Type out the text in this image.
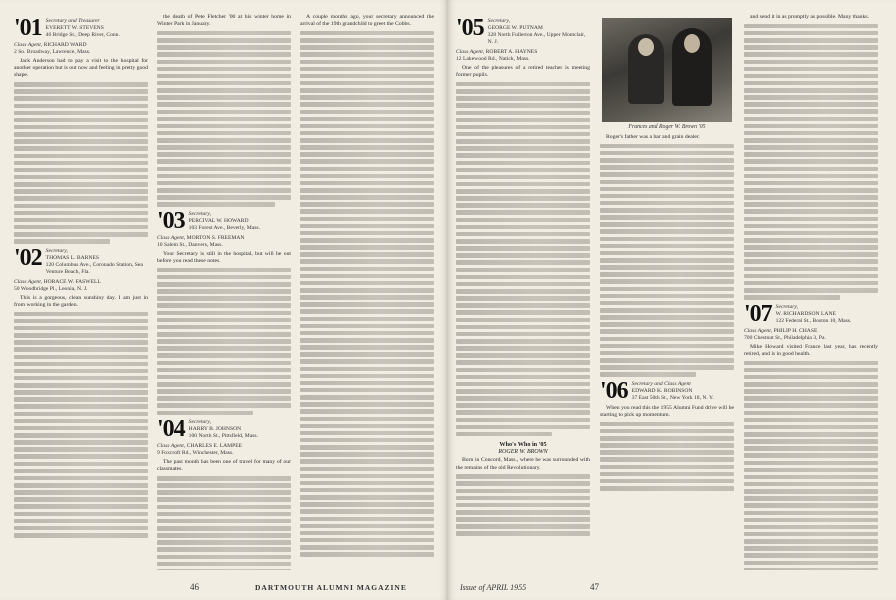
'01 Secretary and Treasurer
EVERETT W. STEVENS
46 Bridge St., Deep River, Conn.
Class Agent, RICHARD WARD
2 So. Broadway, Lawrence, Mass.

Jack Anderson had to pay a visit to the hospital for another operation but is out now and feeling in pretty good shape.

'02 Secretary,
THOMAS L. BARNES
120 Columbus Ave., Coronado Station, Sea Venture Beach, Fla.
Class Agent, HORACE W. FASWELL
50 Woodbridge Pl., Leonia, N. J.

This is a gorgeous, clean sunshiny day. I am just in from working in the garden.

the death of Pete Fletcher '00 at his winter home in Winter Park in January.

'03 Secretary,
PERCIVAL W. HOWARD
103 Forest Ave., Beverly, Mass.
Class Agent, MORTON S. FREEMAN
10 Salem St., Danvers, Mass.

Your Secretary is still in the hospital, but will be out before you read these notes.

'04 Secretary,
HARRY B. JOHNSON
100 North St., Pittsfield, Mass.
Class Agent, CHARLES E. LAMPEE
9 Foxcroft Rd., Winchester, Mass.

The past month has been one of travel for many of our classmates.

A couple months ago, your secretary announced the arrival of the 19th grandchild to greet the Cobbs.

46	DARTMOUTH ALUMNI MAGAZINE
'05 Secretary,
GEORGE W. PUTNAM
328 North Fullerton Ave., Upper Montclair, N. J.
Class Agent, ROBERT A. HAYNES
12 Lakewood Rd., Natick, Mass.

One of the pleasures of a retired teacher is meeting former pupils.

Who's Who in '05
ROGER W. BROWN

Born in Concord, Mass., where he was surrounded with the remains of the old Revolutionary.

Frances and Roger W. Brown '05

Roger's father was a bar and grain dealer.

'06 Secretary and Class Agent
EDWARD K. ROBINSON
37 East 50th St., New York 18, N. Y.

When you read this the 1955 Alumni Fund drive will be starting to pick up momentum.

and send it in as promptly as possible. Many thanks.

'07 Secretary,
W. RICHARDSON LANE
122 Federal St., Boston 10, Mass.
Class Agent, PHILIP H. CHASE
700 Chestnut St., Philadelphia 3, Pa.

Mike Howard visited France last year, has recently retired, and is in good health.

Issue of APRIL 1955	47
